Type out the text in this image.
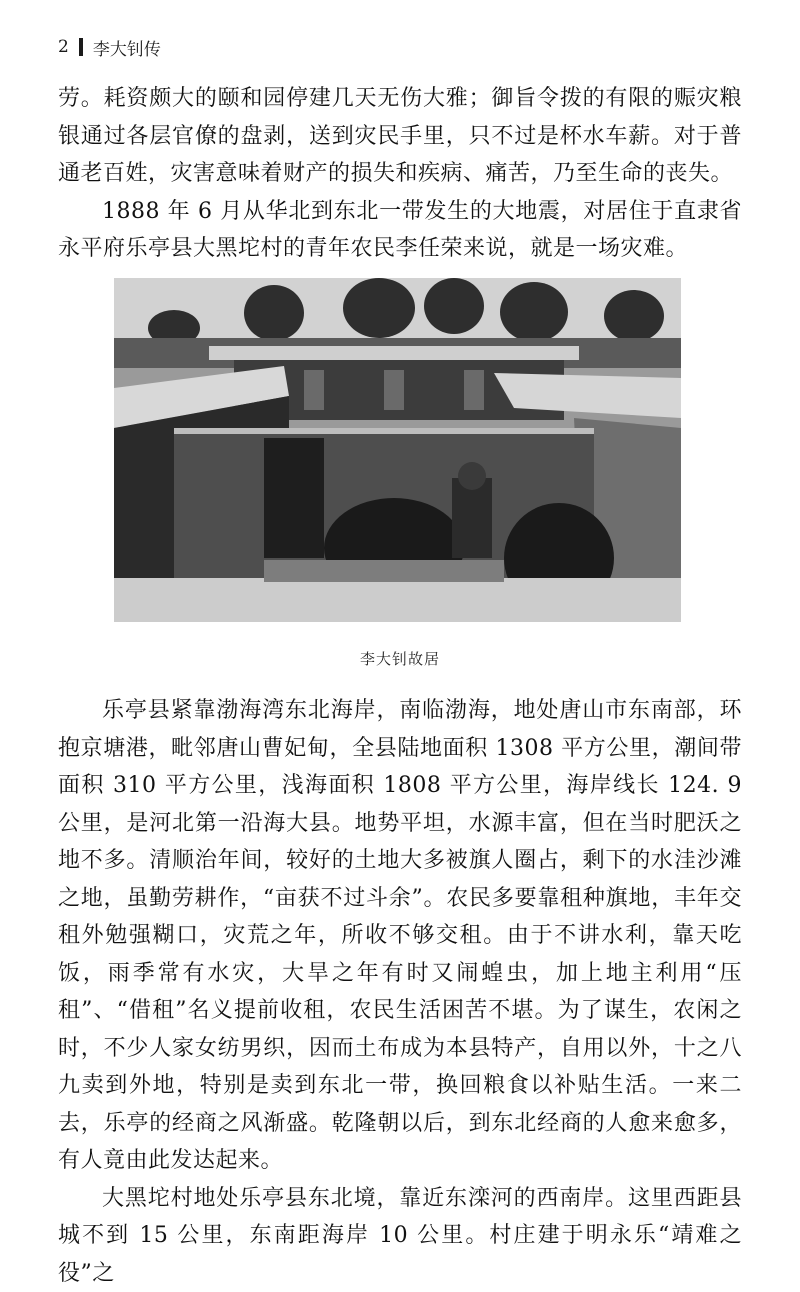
2 李大钊传

劳。耗资颇大的颐和园停建几天无伤大雅；御旨令拨的有限的赈灾粮银通过各层官僚的盘剥，送到灾民手里，只不过是杯水车薪。对于普通老百姓，灾害意味着财产的损失和疾病、痛苦，乃至生命的丧失。

1888 年 6 月从华北到东北一带发生的大地震，对居住于直隶省永平府乐亭县大黑坨村的青年农民李任荣来说，就是一场灾难。

李大钊故居

乐亭县紧靠渤海湾东北海岸，南临渤海，地处唐山市东南部，环抱京塘港，毗邻唐山曹妃甸，全县陆地面积 1308 平方公里，潮间带面积 310 平方公里，浅海面积 1808 平方公里，海岸线长 124. 9 公里，是河北第一沿海大县。地势平坦，水源丰富，但在当时肥沃之地不多。清顺治年间，较好的土地大多被旗人圈占，剩下的水洼沙滩之地，虽勤劳耕作，“亩获不过斗余”。农民多要靠租种旗地，丰年交租外勉强糊口，灾荒之年，所收不够交租。由于不讲水利，靠天吃饭，雨季常有水灾，大旱之年有时又闹蝗虫，加上地主利用“压租”、“借租”名义提前收租，农民生活困苦不堪。为了谋生，农闲之时，不少人家女纺男织，因而土布成为本县特产，自用以外，十之八九卖到外地，特别是卖到东北一带，换回粮食以补贴生活。一来二去，乐亭的经商之风渐盛。乾隆朝以后，到东北经商的人愈来愈多，有人竟由此发达起来。

大黑坨村地处乐亭县东北境，靠近东滦河的西南岸。这里西距县城不到 15 公里，东南距海岸 10 公里。村庄建于明永乐“靖难之役”之
